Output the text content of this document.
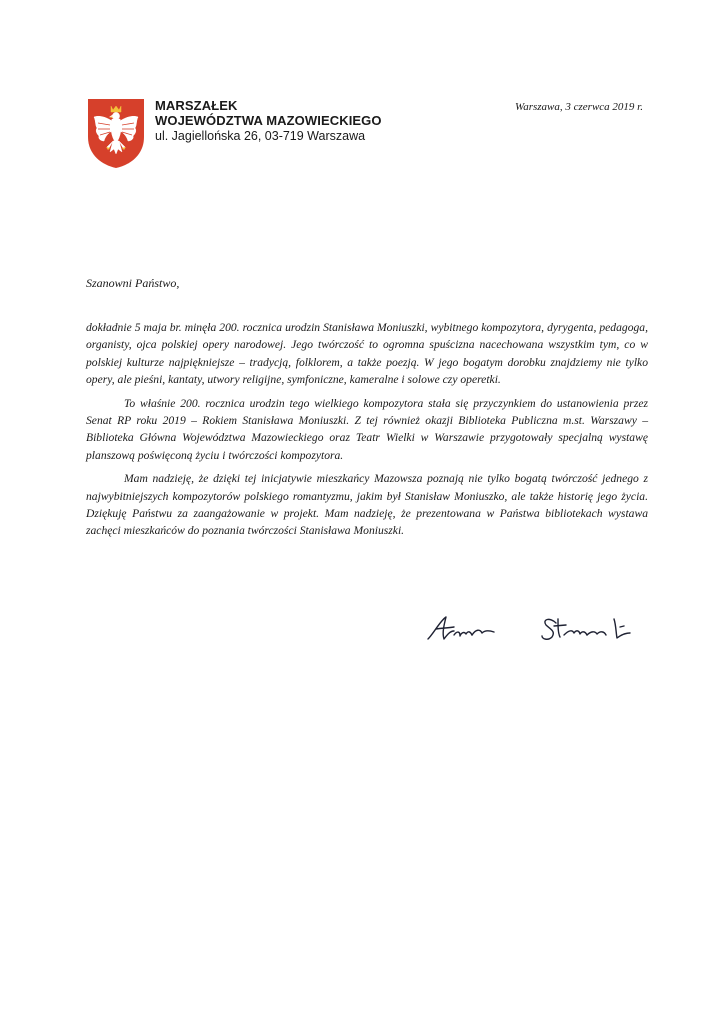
MARSZAŁEK
WOJEWÓDZTWA MAZOWIECKIEGO
ul. Jagiellońska 26, 03-719 Warszawa
Warszawa, 3 czerwca 2019 r.
Szanowni Państwo,

dokładnie 5 maja br. minęła 200. rocznica urodzin Stanisława Moniuszki, wybitnego kompozytora, dyrygenta, pedagoga, organisty, ojca polskiej opery narodowej. Jego twórczość to ogromna spuścizna nacechowana wszystkim tym, co w polskiej kulturze najpiękniejsze – tradycją, folklorem, a także poezją. W jego bogatym dorobku znajdziemy nie tylko opery, ale pieśni, kantaty, utwory religijne, symfoniczne, kameralne i solowe czy operetki.

To właśnie 200. rocznica urodzin tego wielkiego kompozytora stała się przyczynkiem do ustanowienia przez Senat RP roku 2019 – Rokiem Stanisława Moniuszki. Z tej również okazji Biblioteka Publiczna m.st. Warszawy – Biblioteka Główna Województwa Mazowieckiego oraz Teatr Wielki w Warszawie przygotowały specjalną wystawę planszową poświęconą życiu i twórczości kompozytora.

Mam nadzieję, że dzięki tej inicjatywie mieszkańcy Mazowsza poznają nie tylko bogatą twórczość jednego z najwybitniejszych kompozytorów polskiego romantyzmu, jakim był Stanisław Moniuszko, ale także historię jego życia. Dziękuję Państwu za zaangażowanie w projekt. Mam nadzieję, że prezentowana w Państwa bibliotekach wystawa zachęci mieszkańców do poznania twórczości Stanisława Moniuszki.
